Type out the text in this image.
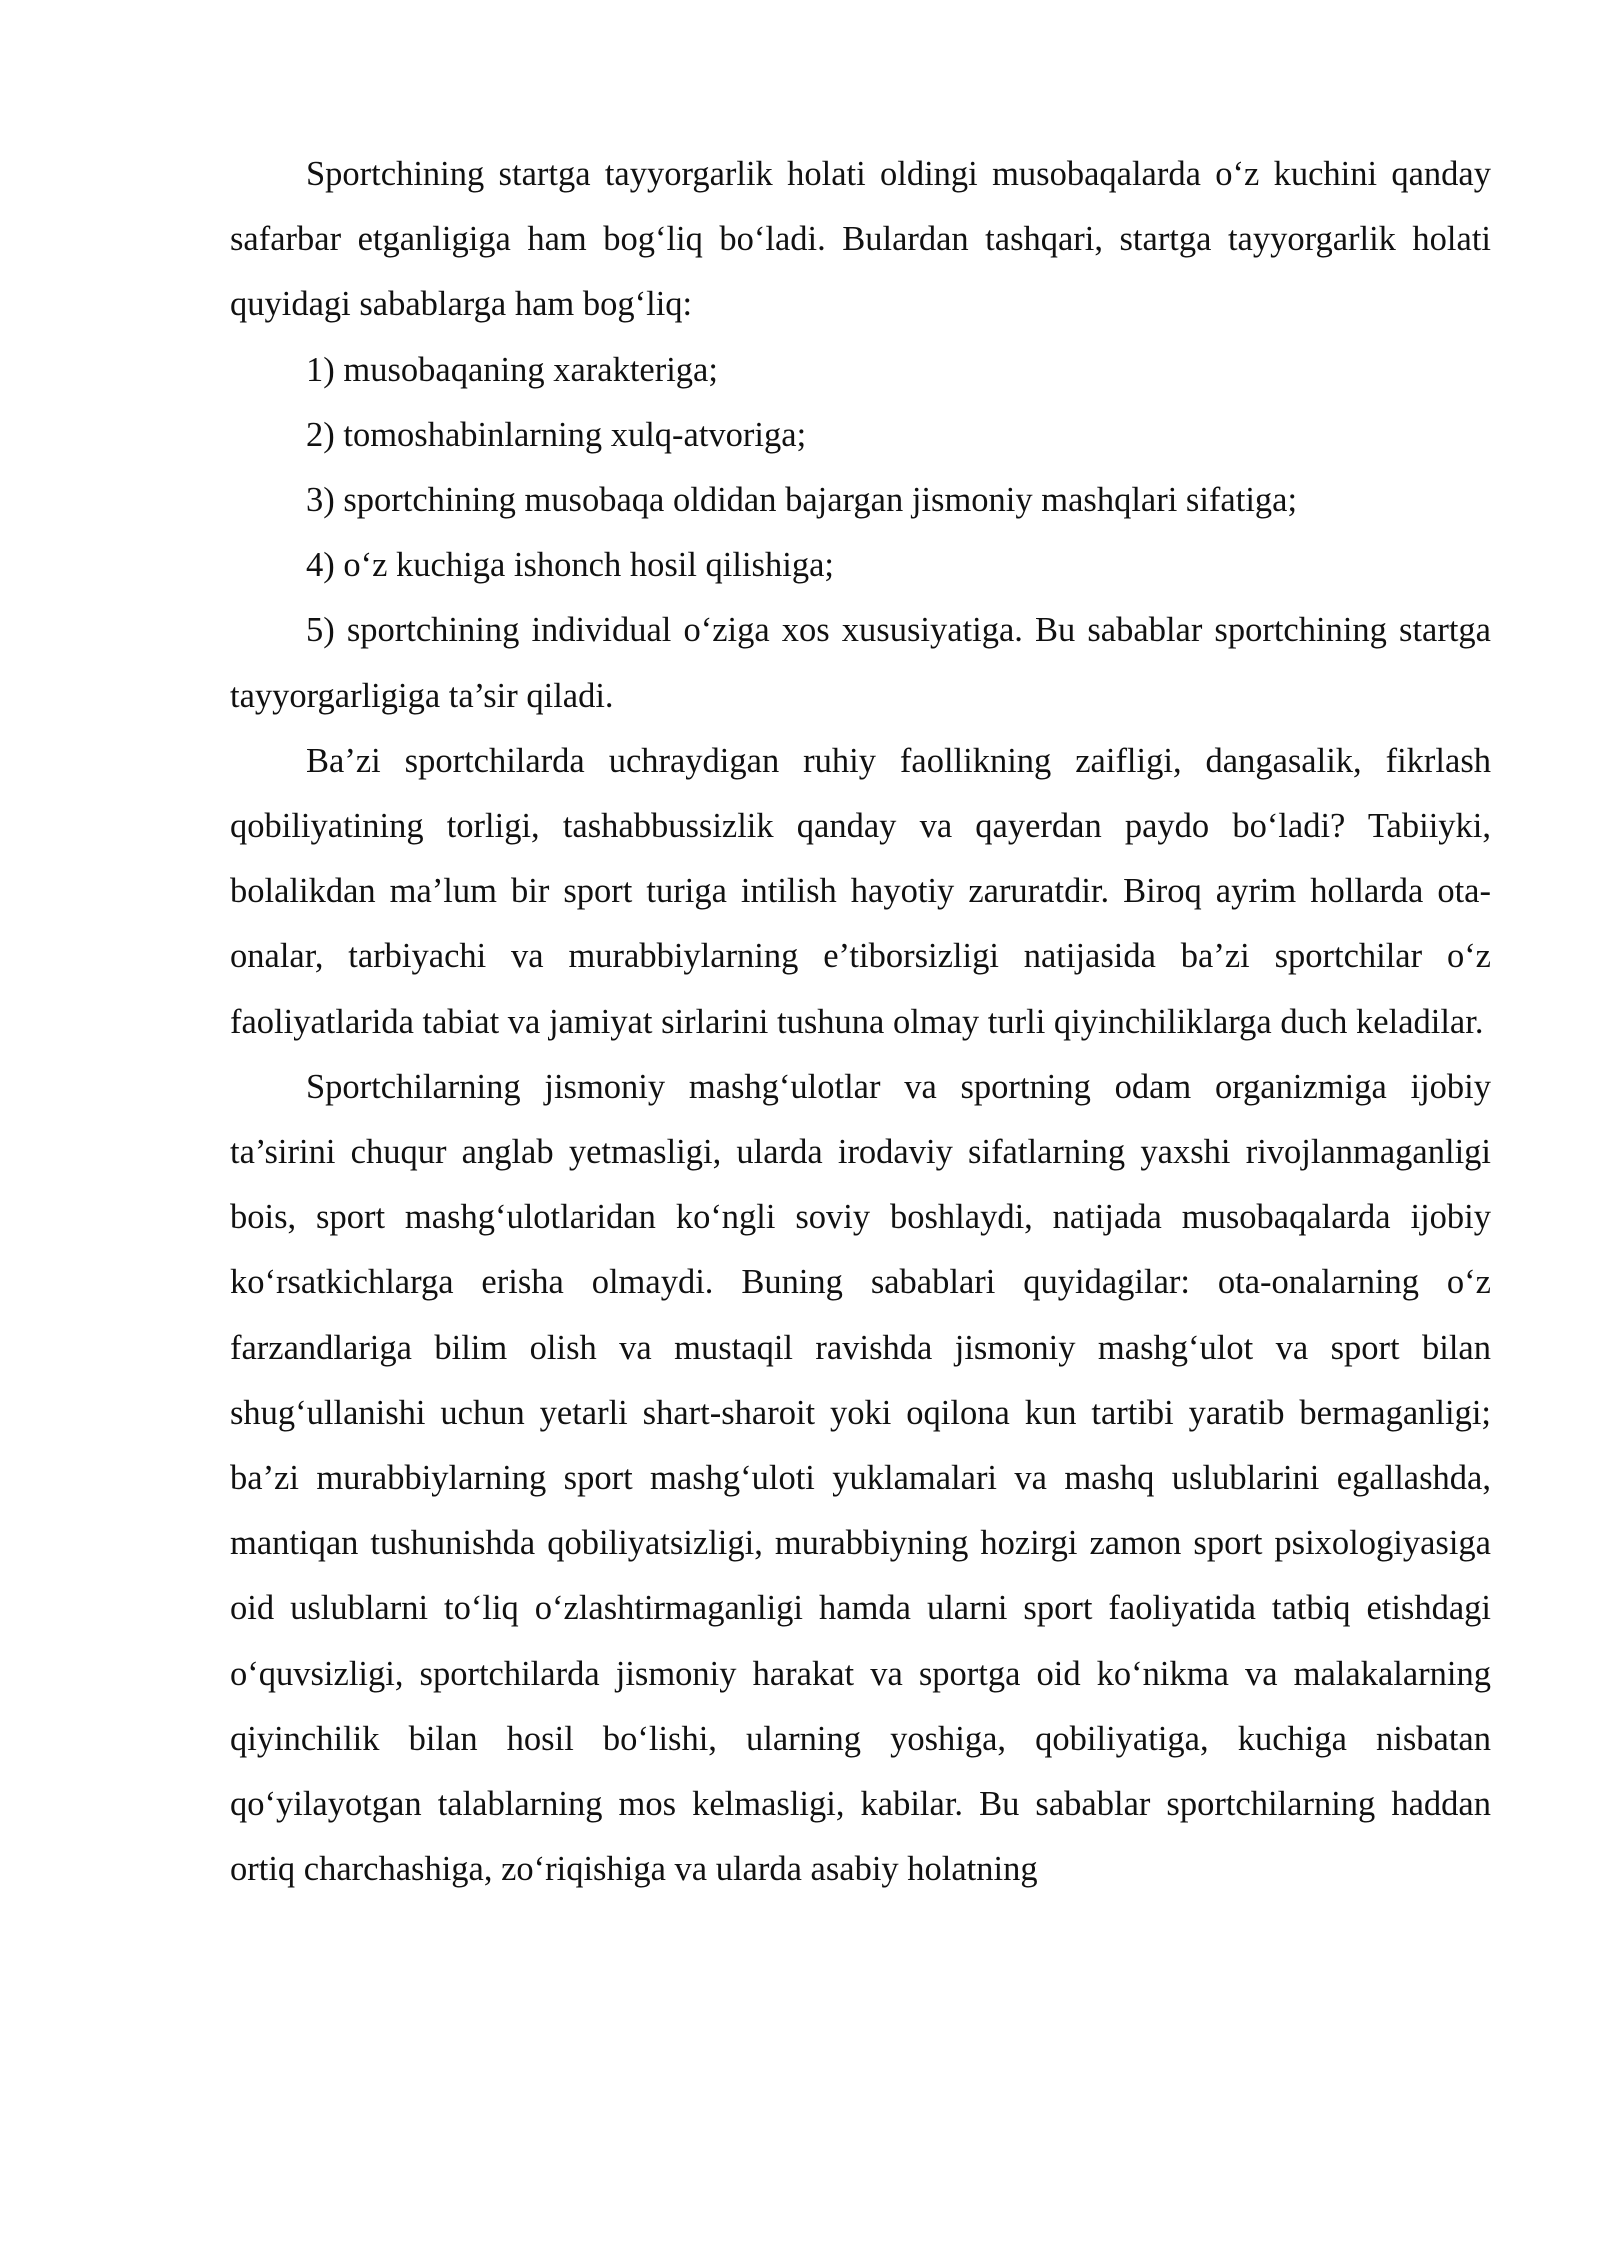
Sportchining startga tayyorgarlik holati oldingi musobaqalarda o‘z kuchini qanday safarbar etganligiga ham bog‘liq bo‘ladi. Bulardan tashqari, startga tayyorgarlik holati quyidagi sabablarga ham bog‘liq:

1) musobaqaning xarakteriga;

2) tomoshabinlarning xulq-atvoriga;

3) sportchining musobaqa oldidan bajargan jismoniy mashqlari sifatiga;

4) o‘z kuchiga ishonch hosil qilishiga;

5) sportchining individual o‘ziga xos xususiyatiga. Bu sabablar sportchining startga tayyorgarligiga ta’sir qiladi.

Ba’zi sportchilarda uchraydigan ruhiy faollikning zaifligi, dangasalik, fikrlash qobiliyatining torligi, tashabbussizlik qanday va qayerdan paydo bo‘ladi? Tabiiyki, bolalikdan ma’lum bir sport turiga intilish hayotiy zaruratdir. Biroq ayrim hollarda ota-onalar, tarbiyachi va murabbiylarning e’tiborsizligi natijasida ba’zi sportchilar o‘z faoliyatlarida tabiat va jamiyat sirlarini tushuna olmay turli qiyinchiliklarga duch keladilar.

Sportchilarning jismoniy mashg‘ulotlar va sportning odam organizmiga ijobiy ta’sirini chuqur anglab yetmasligi, ularda irodaviy sifatlarning yaxshi rivojlanmaganligi bois, sport mashg‘ulotlaridan ko‘ngli soviy boshlaydi, natijada musobaqalarda ijobiy ko‘rsatkichlarga erisha olmaydi. Buning sabablari quyidagilar: ota-onalarning o‘z farzandlariga bilim olish va mustaqil ravishda jismoniy mashg‘ulot va sport bilan shug‘ullanishi uchun yetarli shart-sharoit yoki oqilona kun tartibi yaratib bermaganligi; ba’zi murabbiylarning sport mashg‘uloti yuklamalari va mashq uslublarini egallashda, mantiqan tushunishda qobiliyatsizligi, murabbiyning hozirgi zamon sport psixologiyasiga oid uslublarni to‘liq o‘zlashtirmaganligi hamda ularni sport faoliyatida tatbiq etishdagi o‘quvsizligi, sportchilarda jismoniy harakat va sportga oid ko‘nikma va malakalarning qiyinchilik bilan hosil bo‘lishi, ularning yoshiga, qobiliyatiga, kuchiga nisbatan qo‘yilayotgan talablarning mos kelmasligi, kabilar. Bu sabablar sportchilarning haddan ortiq charchashiga, zo‘riqishiga va ularda asabiy holatning
